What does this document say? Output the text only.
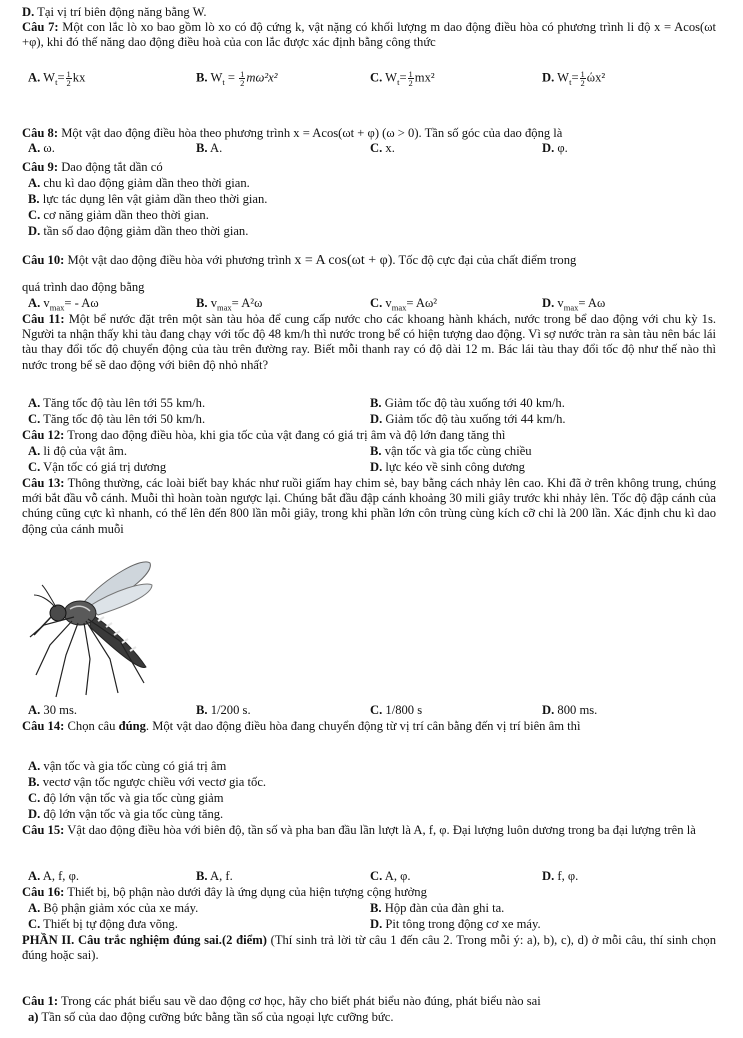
D. Tại vị trí biên động năng bằng W.
Câu 7: Một con lắc lò xo bao gồm lò xo có độ cứng k, vật nặng có khối lượng m dao động điều hòa có phương trình li độ x = Acos(ωt +φ), khi đó thế năng dao động điều hoà của con lắc được xác định bằng công thức
A. $W_t= \frac{1}{2}$ kx	B. $W_t = \frac{1}{2} m\omega^2x^2$	C. $W_t= \frac{1}{2} mx^2$	D. $W_t= \frac{1}{2} ώx^2$
Câu 8: Một vật dao động điều hòa theo phương trình x = Acos(ωt + φ) (ω > 0). Tần số góc của dao động là
A. ω.	B. A.	C. x.	D. φ.
Câu 9: Dao động tắt dần có
A. chu kì dao động giảm dần theo thời gian.
B. lực tác dụng lên vật giảm dần theo thời gian.
C. cơ năng giảm dần theo thời gian.
D. tần số dao động giảm dần theo thời gian.
Câu 10: Một vật dao động điều hòa với phương trình x = A cos(ωt + φ). Tốc độ cực đại của chất điểm trong
quá trình dao động bằng
A. $v_{max}= - A\omega$	B. $v_{max}= A^2\omega$	C. $v_{max}= A\omega^2$	D. $v_{max}= A\omega$
Câu 11: Một bể nước đặt trên một sàn tàu hỏa để cung cấp nước cho các khoang hành khách, nước trong bể dao động với chu kỳ 1s. Người ta nhận thấy khi tàu đang chạy với tốc độ 48 km/h thì nước trong bể có hiện tượng dao động. Vì sợ nước tràn ra sàn tàu nên bác lái tàu thay đổi tốc độ chuyển động của tàu trên đường ray. Biết mỗi thanh ray có độ dài 12 m. Bác lái tàu thay đổi tốc độ như thế nào thì nước trong bể sẽ dao động với biên độ nhỏ nhất?
A. Tăng tốc độ tàu lên tới 55 km/h.	B. Giảm tốc độ tàu xuống tới 40 km/h.
C. Tăng tốc độ tàu lên tới 50 km/h.	D. Giảm tốc độ tàu xuống tới 44 km/h.
Câu 12: Trong dao động điều hòa, khi gia tốc của vật đang có giá trị âm và độ lớn đang tăng thì
A. li độ của vật âm.	B. vận tốc và gia tốc cùng chiều
C. Vận tốc có giá trị dương	D. lực kéo về sinh công dương
Câu 13: Thông thường, các loài biết bay khác như ruồi giấm hay chim sẻ, bay bằng cách nhảy lên cao. Khi đã ở trên không trung, chúng mới bắt đầu vỗ cánh. Muỗi thì hoàn toàn ngược lại. Chúng bắt đầu đập cánh khoảng 30 mili giây trước khi nhảy lên. Tốc độ đập cánh của chúng cũng cực kì nhanh, có thể lên đến 800 lần mỗi giây, trong khi phần lớn côn trùng cùng kích cỡ chỉ là 200 lần. Xác định chu kì dao động của cánh muỗi
A. 30 ms.	B. 1/200 s.	C. 1/800 s	D. 800 ms.
Câu 14: Chọn câu đúng. Một vật dao động điều hòa đang chuyển động từ vị trí cân bằng đến vị trí biên âm thì
A. vận tốc và gia tốc cùng có giá trị âm
B. vectơ vận tốc ngược chiều với vectơ gia tốc.
C. độ lớn vận tốc và gia tốc cùng giảm
D. độ lớn vận tốc và gia tốc cùng tăng.
Câu 15: Vật dao động điều hòa với biên độ, tần số và pha ban đầu lần lượt là A, f, φ. Đại lượng luôn dương trong ba đại lượng trên là
A. A, f, φ.	B. A, f.	C. A, φ.	D. f, φ.
Câu 16: Thiết bị, bộ phận nào dưới đây là ứng dụng của hiện tượng cộng hưởng
A. Bộ phận giảm xóc của xe máy.	B. Hộp đàn của đàn ghi ta.
C. Thiết bị tự động đưa võng.	D. Pit tông trong động cơ xe máy.
PHẦN II. Câu trắc nghiệm đúng sai.(2 điểm) (Thí sinh trả lời từ câu 1 đến câu 2. Trong mỗi ý: a), b), c), d) ở mỗi câu, thí sinh chọn đúng hoặc sai).
Câu 1: Trong các phát biểu sau về dao động cơ học, hãy cho biết phát biểu nào đúng, phát biểu nào sai
a) Tần số của dao động cưỡng bức bằng tần số của ngoại lực cưỡng bức.
